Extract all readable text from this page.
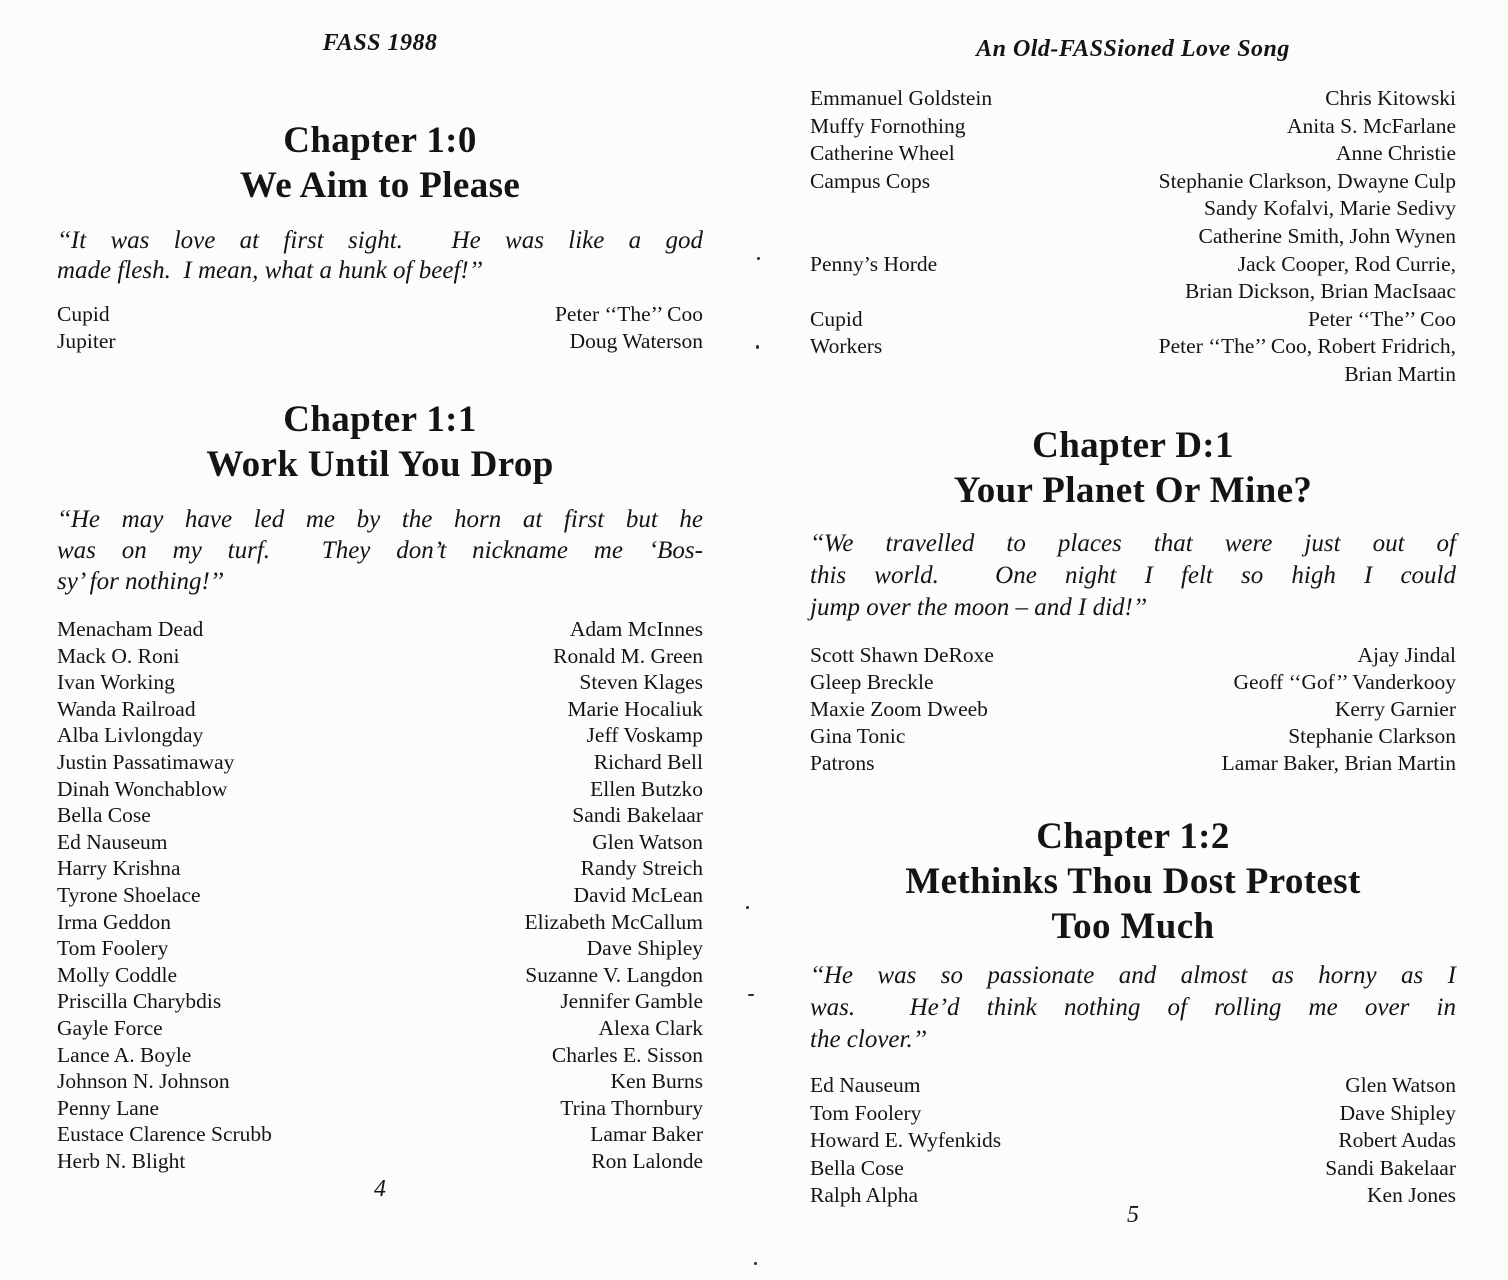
FASS 1988
Chapter 1:0
We Aim to Please
‘‘It was love at first sight.  He was like a god
made flesh.  I mean, what a hunk of beef!’’
Cupid	Peter ‘‘The’’ Coo
Jupiter	Doug Waterson
Chapter 1:1
Work Until You Drop
‘‘He may have led me by the horn at first but he
was on my turf.  They don’t nickname me ‘Bos-
sy’ for nothing!’’
Menacham Dead	Adam McInnes
Mack O. Roni	Ronald M. Green
Ivan Working	Steven Klages
Wanda Railroad	Marie Hocaliuk
Alba Livlongday	Jeff Voskamp
Justin Passatimaway	Richard Bell
Dinah Wonchablow	Ellen Butzko
Bella Cose	Sandi Bakelaar
Ed Nauseum	Glen Watson
Harry Krishna	Randy Streich
Tyrone Shoelace	David McLean
Irma Geddon	Elizabeth McCallum
Tom Foolery	Dave Shipley
Molly Coddle	Suzanne V. Langdon
Priscilla Charybdis	Jennifer Gamble
Gayle Force	Alexa Clark
Lance A. Boyle	Charles E. Sisson
Johnson N. Johnson	Ken Burns
Penny Lane	Trina Thornbury
Eustace Clarence Scrubb	Lamar Baker
Herb N. Blight	Ron Lalonde
4
An Old-FASSioned Love Song
Emmanuel Goldstein	Chris Kitowski
Muffy Fornothing	Anita S. McFarlane
Catherine Wheel	Anne Christie
Campus Cops	Stephanie Clarkson, Dwayne Culp
Sandy Kofalvi, Marie Sedivy
Catherine Smith, John Wynen
Penny’s Horde	Jack Cooper, Rod Currie,
Brian Dickson, Brian MacIsaac
Cupid	Peter ‘‘The’’ Coo
Workers	Peter ‘‘The’’ Coo, Robert Fridrich,
Brian Martin
Chapter D:1
Your Planet Or Mine?
‘‘We travelled to places that were just out of
this world.  One night I felt so high I could
jump over the moon – and I did!’’
Scott Shawn DeRoxe	Ajay Jindal
Gleep Breckle	Geoff ‘‘Gof’’ Vanderkooy
Maxie Zoom Dweeb	Kerry Garnier
Gina Tonic	Stephanie Clarkson
Patrons	Lamar Baker, Brian Martin
Chapter 1:2
Methinks Thou Dost Protest
Too Much
‘‘He was so passionate and almost as horny as I
was.  He’d think nothing of rolling me over in
the clover.’’
Ed Nauseum	Glen Watson
Tom Foolery	Dave Shipley
Howard E. Wyfenkids	Robert Audas
Bella Cose	Sandi Bakelaar
Ralph Alpha	Ken Jones
5
